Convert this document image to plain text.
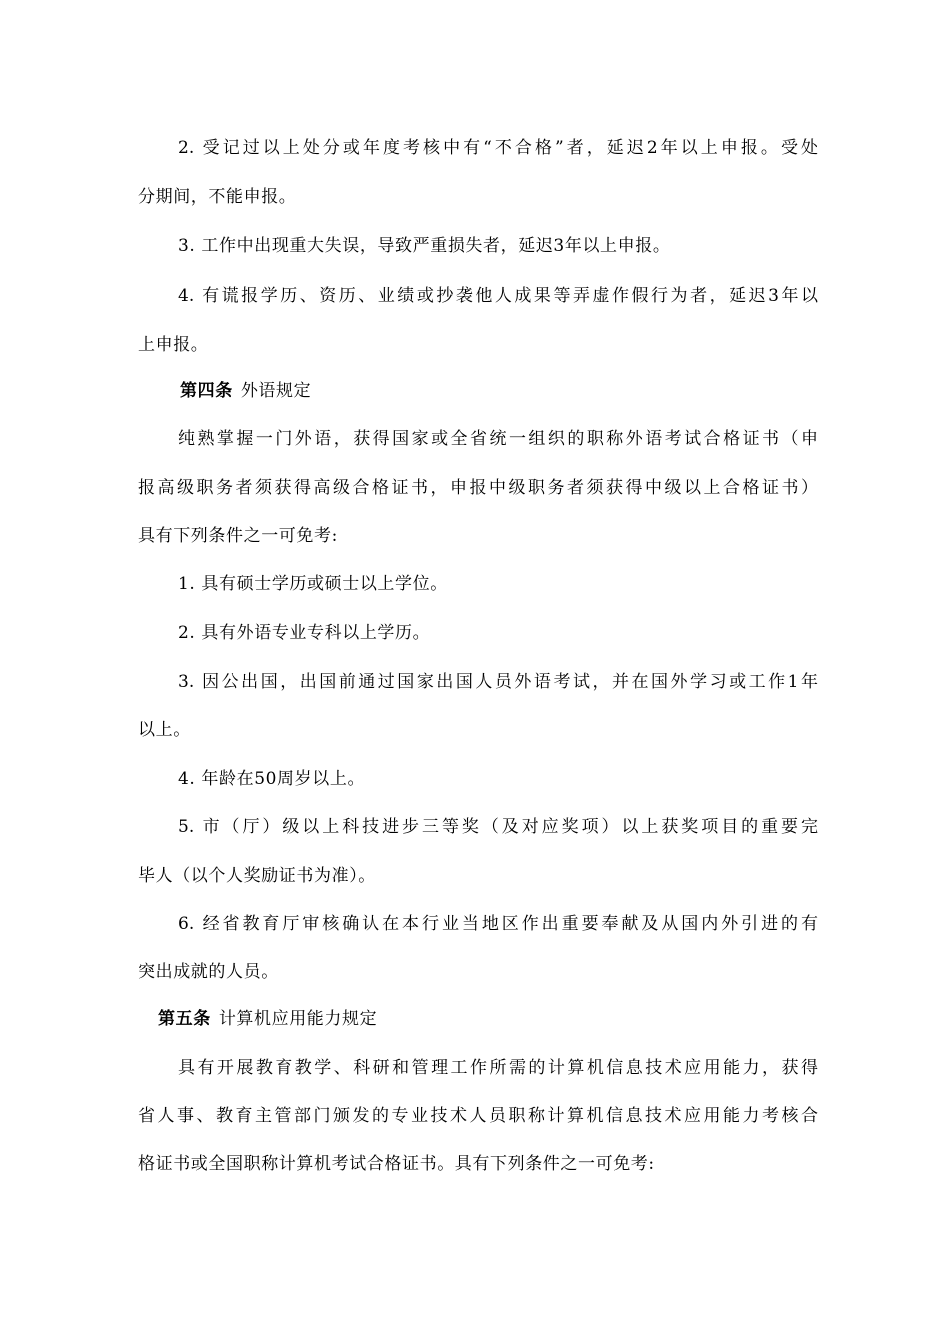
2. 受记过以上处分或年度考核中有“不合格”者，延迟2年以上申报。受处
分期间，不能申报。
3. 工作中出现重大失误，导致严重损失者，延迟3年以上申报。
4. 有谎报学历、资历、业绩或抄袭他人成果等弄虚作假行为者，延迟3年以
上申报。
第四条 外语规定
纯熟掌握一门外语，获得国家或全省统一组织的职称外语考试合格证书（申
报高级职务者须获得高级合格证书，申报中级职务者须获得中级以上合格证书）
具有下列条件之一可免考:
1. 具有硕士学历或硕士以上学位。
2. 具有外语专业专科以上学历。
3. 因公出国，出国前通过国家出国人员外语考试，并在国外学习或工作1年
以上。
4. 年龄在50周岁以上。
5. 市（厅）级以上科技进步三等奖（及对应奖项）以上获奖项目的重要完
毕人（以个人奖励证书为准）。
6. 经省教育厅审核确认在本行业当地区作出重要奉献及从国内外引进的有
突出成就的人员。
第五条 计算机应用能力规定
具有开展教育教学、科研和管理工作所需的计算机信息技术应用能力，获得
省人事、教育主管部门颁发的专业技术人员职称计算机信息技术应用能力考核合
格证书或全国职称计算机考试合格证书。具有下列条件之一可免考:
